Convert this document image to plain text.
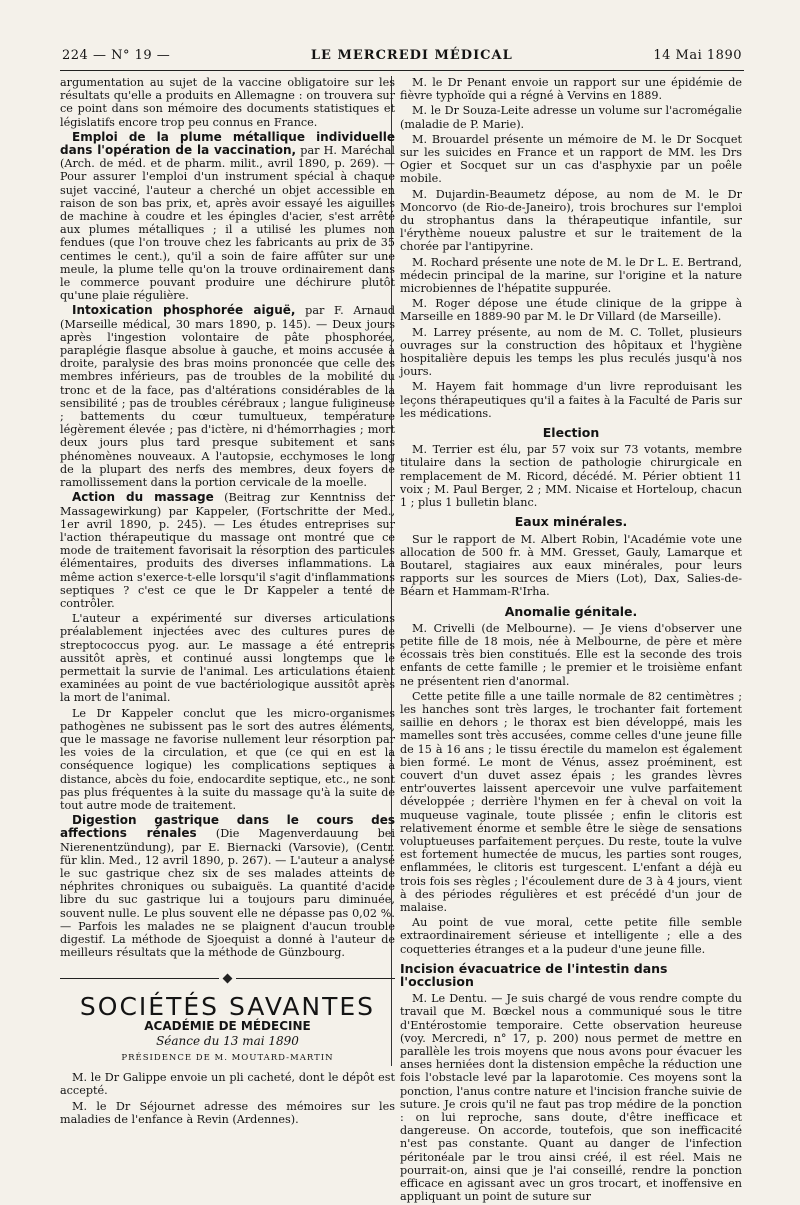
224 — N° 19 —	LE MERCREDI MÉDICAL	14 Mai 1890

argumentation au sujet de la vaccine obligatoire sur les résultats qu'elle a produits en Allemagne : on trouvera sur ce point dans son mémoire des documents statistiques et législatifs encore trop peu connus en France.

Emploi de la plume métallique individuelle dans l'opération de la vaccination, par H. Maréchal (Arch. de méd. et de pharm. milit., avril 1890, p. 269). — Pour assurer l'emploi d'un instrument spécial à chaque sujet vacciné, l'auteur a cherché un objet accessible en raison de son bas prix, et, après avoir essayé les aiguilles de machine à coudre et les épingles d'acier, s'est arrêté aux plumes métalliques ; il a utilisé les plumes non fendues (que l'on trouve chez les fabricants au prix de 35 centimes le cent.), qu'il a soin de faire affûter sur une meule, la plume telle qu'on la trouve ordinairement dans le commerce pouvant produire une déchirure plutôt qu'une plaie régulière.

Intoxication phosphorée aiguë, par F. Arnaud (Marseille médical, 30 mars 1890, p. 145). — Deux jours après l'ingestion volontaire de pâte phosphorée, paraplégie flasque absolue à gauche, et moins accusée à droite, paralysie des bras moins prononcée que celle des membres inférieurs, pas de troubles de la mobilité du tronc et de la face, pas d'altérations considérables de la sensibilité ; pas de troubles cérébraux ; langue fuligineuse ; battements du cœur tumultueux, température légèrement élevée ; pas d'ictère, ni d'hémorrhagies ; mort deux jours plus tard presque subitement et sans phénomènes nouveaux. A l'autopsie, ecchymoses le long de la plupart des nerfs des membres, deux foyers de ramollissement dans la portion cervicale de la moelle.

Action du massage (Beitrag zur Kenntniss der Massagewirkung) par Kappeler, (Fortschritte der Med., 1er avril 1890, p. 245). — Les études entreprises sur l'action thérapeutique du massage ont montré que ce mode de traitement favorisait la résorption des particules élémentaires, produits des diverses inflammations. La même action s'exerce-t-elle lorsqu'il s'agit d'inflammations septiques ? c'est ce que le Dr Kappeler a tenté de contrôler.

L'auteur a expérimenté sur diverses articulations préalablement injectées avec des cultures pures de streptococcus pyog. aur. Le massage a été entrepris aussitôt après, et continué aussi longtemps que le permettait la survie de l'animal. Les articulations étaient examinées au point de vue bactériologique aussitôt après la mort de l'animal.

Le Dr Kappeler conclut que les micro-organismes pathogènes ne subissent pas le sort des autres éléments, que le massage ne favorise nullement leur résorption par les voies de la circulation, et que (ce qui en est la conséquence logique) les complications septiques à distance, abcès du foie, endocardite septique, etc., ne sont pas plus fréquentes à la suite du massage qu'à la suite de tout autre mode de traitement.

Digestion gastrique dans le cours des affections rénales (Die Magenverdauung bei Nierenentzündung), par E. Biernacki (Varsovie), (Centr. für klin. Med., 12 avril 1890, p. 267). — L'auteur a analysé le suc gastrique chez six de ses malades atteints de néphrites chroniques ou subaiguës. La quantité d'acide libre du suc gastrique lui a toujours paru diminuée, souvent nulle. Le plus souvent elle ne dépasse pas 0,02 %. — Parfois les malades ne se plaignent d'aucun trouble digestif. La méthode de Sjoequist a donné à l'auteur de meilleurs résultats que la méthode de Günzbourg.

SOCIÉTÉS SAVANTES
ACADÉMIE DE MÉDECINE
Séance du 13 mai 1890
PRÉSIDENCE DE M. MOUTARD-MARTIN

M. le Dr Galippe envoie un pli cacheté, dont le dépôt est accepté.

M. le Dr Séjournet adresse des mémoires sur les maladies de l'enfance à Revin (Ardennes).

M. le Dr Penant envoie un rapport sur une épidémie de fièvre typhoïde qui a régné à Vervins en 1889.

M. le Dr Souza-Leite adresse un volume sur l'acromégalie (maladie de P. Marie).

M. Brouardel présente un mémoire de M. le Dr Socquet sur les suicides en France et un rapport de MM. les Drs Ogier et Socquet sur un cas d'asphyxie par un poêle mobile.

M. Dujardin-Beaumetz dépose, au nom de M. le Dr Moncorvo (de Rio-de-Janeiro), trois brochures sur l'emploi du strophantus dans la thérapeutique infantile, sur l'érythème noueux palustre et sur le traitement de la chorée par l'antipyrine.

M. Rochard présente une note de M. le Dr L. E. Bertrand, médecin principal de la marine, sur l'origine et la nature microbiennes de l'hépatite suppurée.

M. Roger dépose une étude clinique de la grippe à Marseille en 1889-90 par M. le Dr Villard (de Marseille).

M. Larrey présente, au nom de M. C. Tollet, plusieurs ouvrages sur la construction des hôpitaux et l'hygiène hospitalière depuis les temps les plus reculés jusqu'à nos jours.

M. Hayem fait hommage d'un livre reproduisant les leçons thérapeutiques qu'il a faites à la Faculté de Paris sur les médications.

Election

M. Terrier est élu, par 57 voix sur 73 votants, membre titulaire dans la section de pathologie chirurgicale en remplacement de M. Ricord, décédé. M. Périer obtient 11 voix ; M. Paul Berger, 2 ; MM. Nicaise et Horteloup, chacun 1 ; plus 1 bulletin blanc.

Eaux minérales.

Sur le rapport de M. Albert Robin, l'Académie vote une allocation de 500 fr. à MM. Gresset, Gauly, Lamarque et Boutarel, stagiaires aux eaux minérales, pour leurs rapports sur les sources de Miers (Lot), Dax, Salies-de-Béarn et Hammam-R'Irha.

Anomalie génitale.

M. Crivelli (de Melbourne). — Je viens d'observer une petite fille de 18 mois, née à Melbourne, de père et mère écossais très bien constitués. Elle est la seconde des trois enfants de cette famille ; le premier et le troisième enfant ne présentent rien d'anormal.

Cette petite fille a une taille normale de 82 centimètres ; les hanches sont très larges, le trochanter fait fortement saillie en dehors ; le thorax est bien développé, mais les mamelles sont très accusées, comme celles d'une jeune fille de 15 à 16 ans ; le tissu érectile du mamelon est également bien formé. Le mont de Vénus, assez proéminent, est couvert d'un duvet assez épais ; les grandes lèvres entr'ouvertes laissent apercevoir une vulve parfaitement développée ; derrière l'hymen en fer à cheval on voit la muqueuse vaginale, toute plissée ; enfin le clitoris est relativement énorme et semble être le siège de sensations voluptueuses parfaitement perçues. Du reste, toute la vulve est fortement humectée de mucus, les parties sont rouges, enflammées, le clitoris est turgescent. L'enfant a déjà eu trois fois ses règles ; l'écoulement dure de 3 à 4 jours, vient à des périodes régulières et est précédé d'un jour de malaise.

Au point de vue moral, cette petite fille semble extraordinairement sérieuse et intelligente ; elle a des coquetteries étranges et a la pudeur d'une jeune fille.

Incision évacuatrice de l'intestin dans l'occlusion

M. Le Dentu. — Je suis chargé de vous rendre compte du travail que M. Bœckel nous a communiqué sous le titre d'Entérostomie temporaire. Cette observation heureuse (voy. Mercredi, n° 17, p. 200) nous permet de mettre en parallèle les trois moyens que nous avons pour évacuer les anses herniées dont la distension empêche la réduction une fois l'obstacle levé par la laparotomie. Ces moyens sont la ponction, l'anus contre nature et l'incision franche suivie de suture. Je crois qu'il ne faut pas trop médire de la ponction : on lui reproche, sans doute, d'être inefficace et dangereuse. On accorde, toutefois, que son inefficacité n'est pas constante. Quant au danger de l'infection péritonéale par le trou ainsi créé, il est réel. Mais ne pourrait-on, ainsi que je l'ai conseillé, rendre la ponction efficace en agissant avec un gros trocart, et inoffensive en appliquant un point de suture sur
